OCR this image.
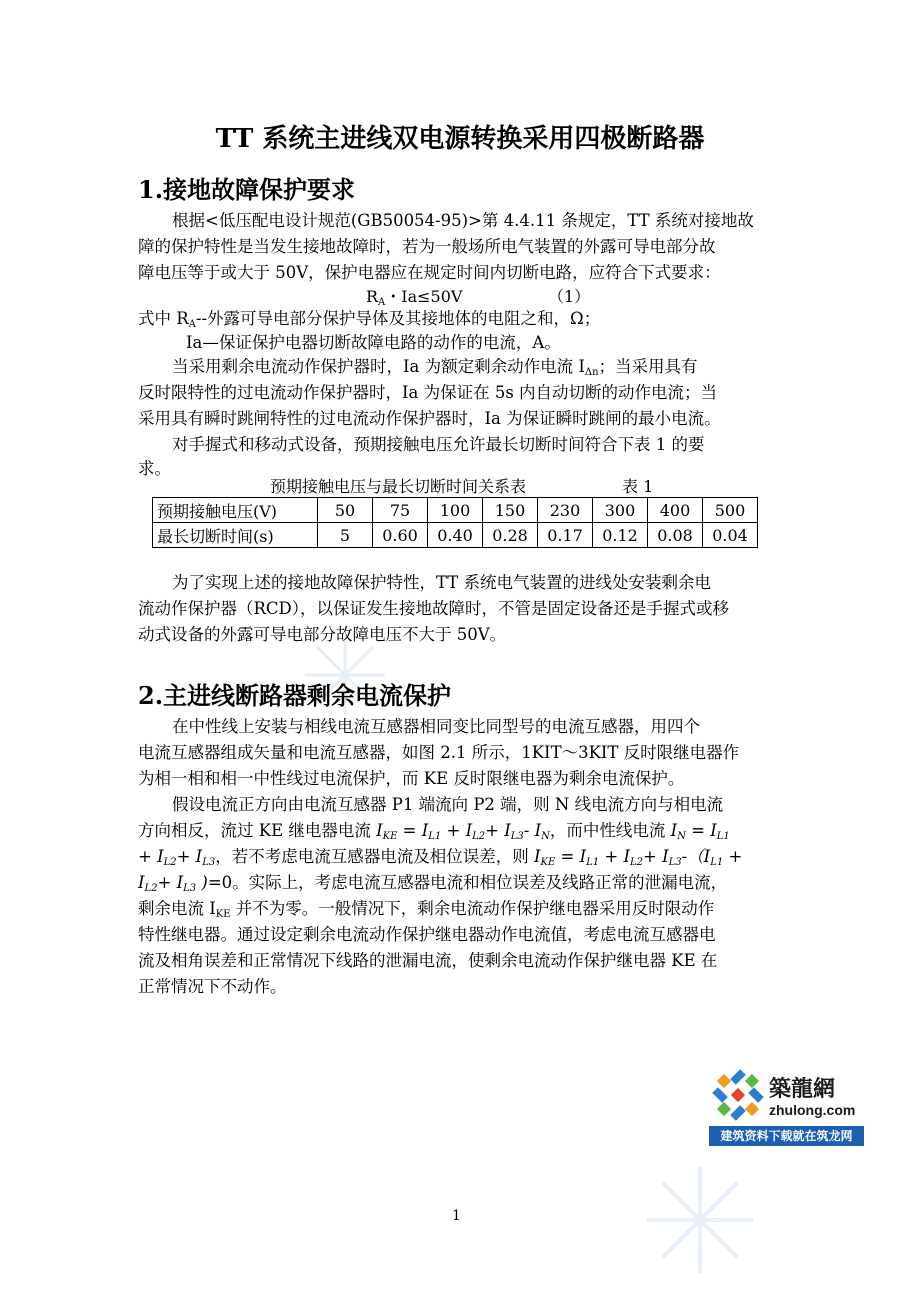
TT 系统主进线双电源转换采用四极断路器
1.接地故障保护要求
根据<低压配电设计规范(GB50054-95)>第 4.4.11 条规定，TT 系统对接地故
障的保护特性是当发生接地故障时，若为一般场所电气装置的外露可导电部分故
障电压等于或大于 50V，保护电器应在规定时间内切断电路，应符合下式要求：
$R_A$・Ia≤50V	（1）
式中 $R_A--$外露可导电部分保护导体及其接地体的电阻之和，Ω；
Ia—保证保护电器切断故障电路的动作的电流，A。
当采用剩余电流动作保护器时，Ia 为额定剩余动作电流 $I_{\Delta n}$；当采用具有
反时限特性的过电流动作保护器时，Ia 为保证在 5s 内自动切断的动作电流；当
采用具有瞬时跳闸特性的过电流动作保护器时，Ia 为保证瞬时跳闸的最小电流。
对手握式和移动式设备，预期接触电压允许最长切断时间符合下表 1 的要
求。
预期接触电压与最长切断时间关系表	表 1
预期接触电压(V)	50	75	100	150	230	300	400	500
最长切断时间(s)	5	0.60	0.40	0.28	0.17	0.12	0.08	0.04
为了实现上述的接地故障保护特性，TT 系统电气装置的进线处安装剩余电
流动作保护器（RCD），以保证发生接地故障时，不管是固定设备还是手握式或移
动式设备的外露可导电部分故障电压不大于 50V。
2.主进线断路器剩余电流保护
在中性线上安装与相线电流互感器相同变比同型号的电流互感器，用四个
电流互感器组成矢量和电流互感器，如图 2.1 所示，1KIT～3KIT 反时限继电器作
为相一相和相一中性线过电流保护，而 KE 反时限继电器为剩余电流保护。
假设电流正方向由电流互感器 P1 端流向 P2 端，则 N 线电流方向与相电流
方向相反，流过 KE 继电器电流 $I_{KE} = I_{L1} + I_{L2}+ I_{L3}-$ $I_N$，而中性线电流 $I_N = I_{L1}$
+ $I_{L2}+ I_{L3}$，若不考虑电流互感器电流及相位误差，则 $I_{KE} = I_{L1} + I_{L2}+ I_{L3}-(I_{L1}$ +
$I_{L2}+ I_{L3}$ )=0。实际上，考虑电流互感器电流和相位误差及线路正常的泄漏电流，
剩余电流 $I_{KE}$ 并不为零。一般情况下，剩余电流动作保护继电器采用反时限动作
特性继电器。通过设定剩余电流动作保护继电器动作电流值，考虑电流互感器电
流及相角误差和正常情况下线路的泄漏电流，使剩余电流动作保护继电器 KE 在
正常情况下不动作。
築龍網
zhulong.com
建筑资料下载就在筑龙网
1
